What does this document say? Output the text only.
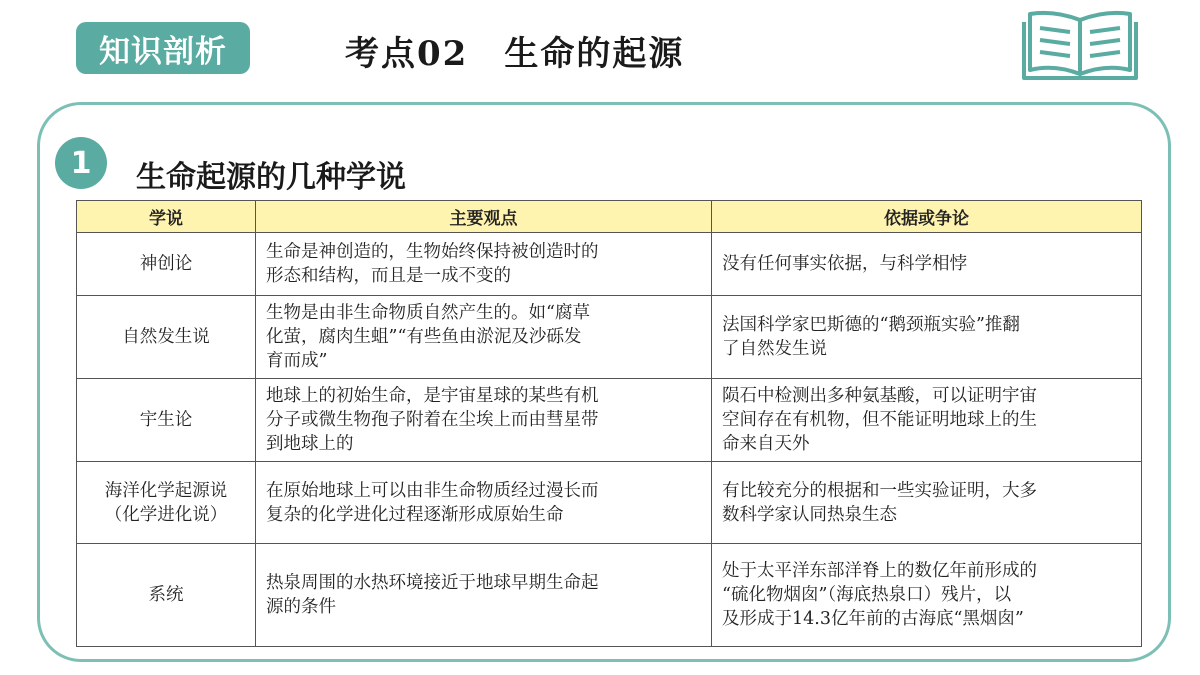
知识剖析	考点02　生命的起源
1	生命起源的几种学说
学说	主要观点	依据或争论

神创论	生命是神创造的，生物始终保持被创造时的
形态和结构，而且是一成不变的	没有任何事实依据，与科学相悖

自然发生说	生物是由非生命物质自然产生的。如“腐草
化萤，腐肉生蛆”“有些鱼由淤泥及沙砾发
育而成”	法国科学家巴斯德的“鹅颈瓶实验”推翻
了自然发生说

宇生论	地球上的初始生命，是宇宙星球的某些有机
分子或微生物孢子附着在尘埃上而由彗星带
到地球上的	陨石中检测出多种氨基酸，可以证明宇宙
空间存在有机物，但不能证明地球上的生
命来自天外

海洋化学起源说
（化学进化说）	在原始地球上可以由非生命物质经过漫长而
复杂的化学进化过程逐渐形成原始生命	有比较充分的根据和一些实验证明，大多
数科学家认同热泉生态

系统	热泉周围的水热环境接近于地球早期生命起
源的条件	处于太平洋东部洋脊上的数亿年前形成的
“硫化物烟囱”（海底热泉口）残片，以
及形成于14.3亿年前的古海底“黑烟囱”
